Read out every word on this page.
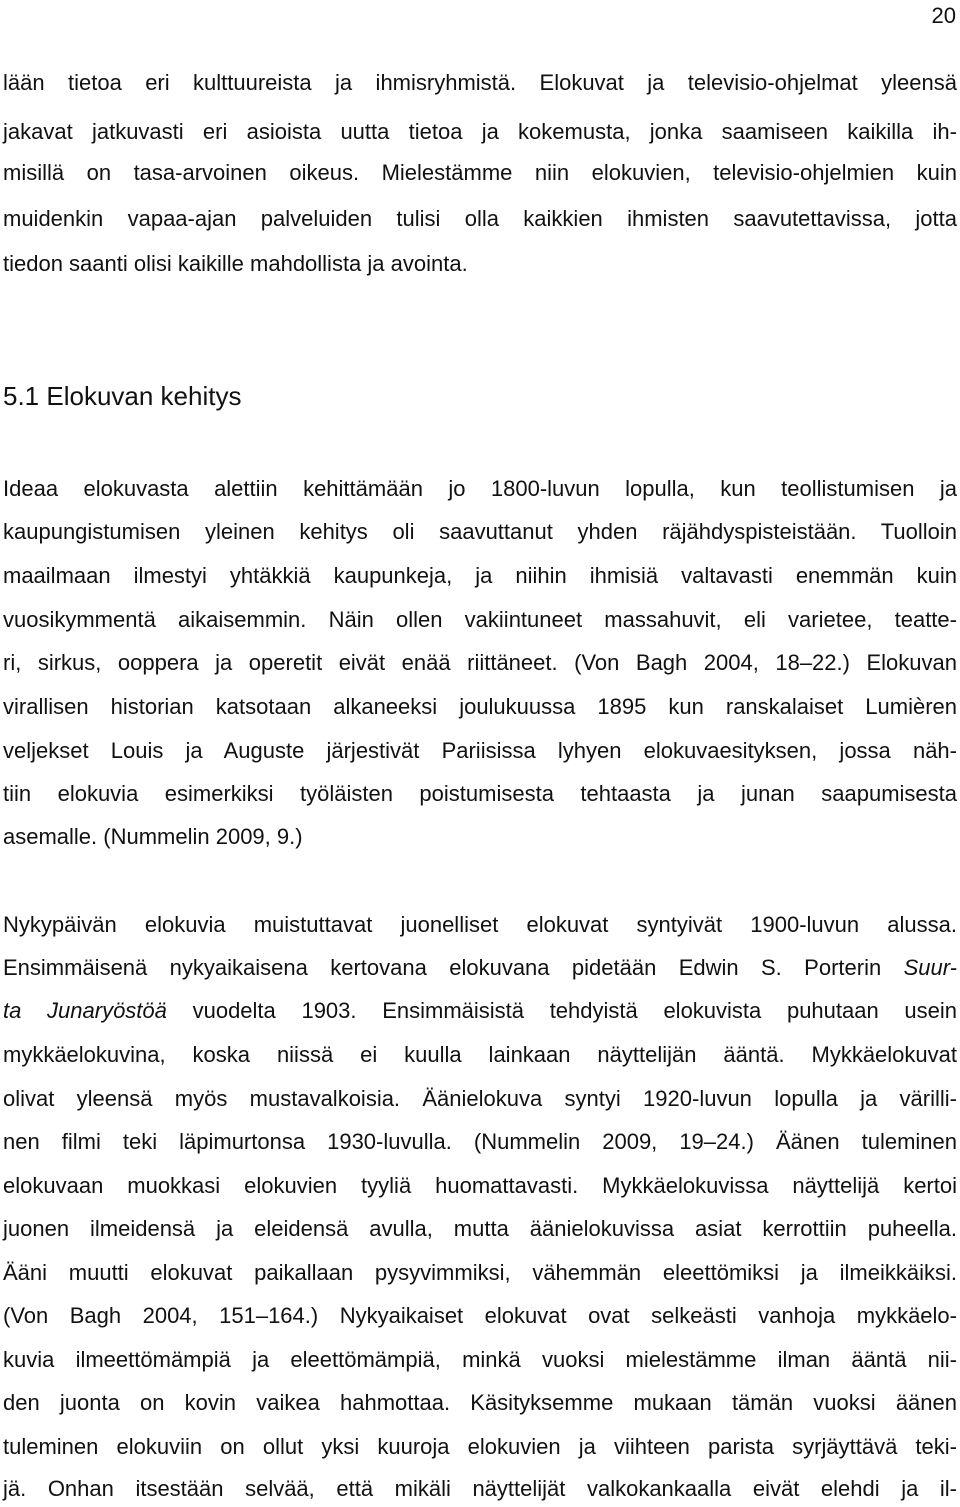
20
lään tietoa eri kulttuureista ja ihmisryhmistä. Elokuvat ja televisio-ohjelmat yleensä
jakavat jatkuvasti eri asioista uutta tietoa ja kokemusta, jonka saamiseen kaikilla ih-
misillä on tasa-arvoinen oikeus. Mielestämme niin elokuvien, televisio-ohjelmien kuin
muidenkin vapaa-ajan palveluiden tulisi olla kaikkien ihmisten saavutettavissa, jotta
tiedon saanti olisi kaikille mahdollista ja avointa.
5.1 Elokuvan kehitys
Ideaa elokuvasta alettiin kehittämään jo 1800-luvun lopulla, kun teollistumisen ja
kaupungistumisen yleinen kehitys oli saavuttanut yhden räjähdyspisteistään. Tuolloin
maailmaan ilmestyi yhtäkkiä kaupunkeja, ja niihin ihmisiä valtavasti enemmän kuin
vuosikymmentä aikaisemmin. Näin ollen vakiintuneet massahuvit, eli varietee, teatte-
ri, sirkus, ooppera ja operetit eivät enää riittäneet. (Von Bagh 2004, 18–22.) Elokuvan
virallisen historian katsotaan alkaneeksi joulukuussa 1895 kun ranskalaiset Lumièren
veljekset Louis ja Auguste järjestivät Pariisissa lyhyen elokuvaesityksen, jossa näh-
tiin elokuvia esimerkiksi työläisten poistumisesta tehtaasta ja junan saapumisesta
asemalle. (Nummelin 2009, 9.)
Nykypäivän elokuvia muistuttavat juonelliset elokuvat syntyivät 1900-luvun alussa.
Ensimmäisenä nykyaikaisena kertovana elokuvana pidetään Edwin S. Porterin Suur-
ta Junaryöstöä vuodelta 1903. Ensimmäisistä tehdyistä elokuvista puhutaan usein
mykkäelokuvina, koska niissä ei kuulla lainkaan näyttelijän ääntä. Mykkäelokuvat
olivat yleensä myös mustavalkoisia. Äänielokuva syntyi 1920-luvun lopulla ja värilli-
nen filmi teki läpimurtonsa 1930-luvulla. (Nummelin 2009, 19–24.) Äänen tuleminen
elokuvaan muokkasi elokuvien tyyliä huomattavasti. Mykkäelokuvissa näyttelijä kertoi
juonen ilmeidensä ja eleidensä avulla, mutta äänielokuvissa asiat kerrottiin puheella.
Ääni muutti elokuvat paikallaan pysyvimmiksi, vähemmän eleettömiksi ja ilmeikkäiksi.
(Von Bagh 2004, 151–164.) Nykyaikaiset elokuvat ovat selkeästi vanhoja mykkäelo-
kuvia ilmeettömämpiä ja eleettömämpiä, minkä vuoksi mielestämme ilman ääntä nii-
den juonta on kovin vaikea hahmottaa. Käsityksemme mukaan tämän vuoksi äänen
tuleminen elokuviin on ollut yksi kuuroja elokuvien ja viihteen parista syrjäyttävä teki-
jä. Onhan itsestään selvää, että mikäli näyttelijät valkokankaalla eivät elehdi ja il-
